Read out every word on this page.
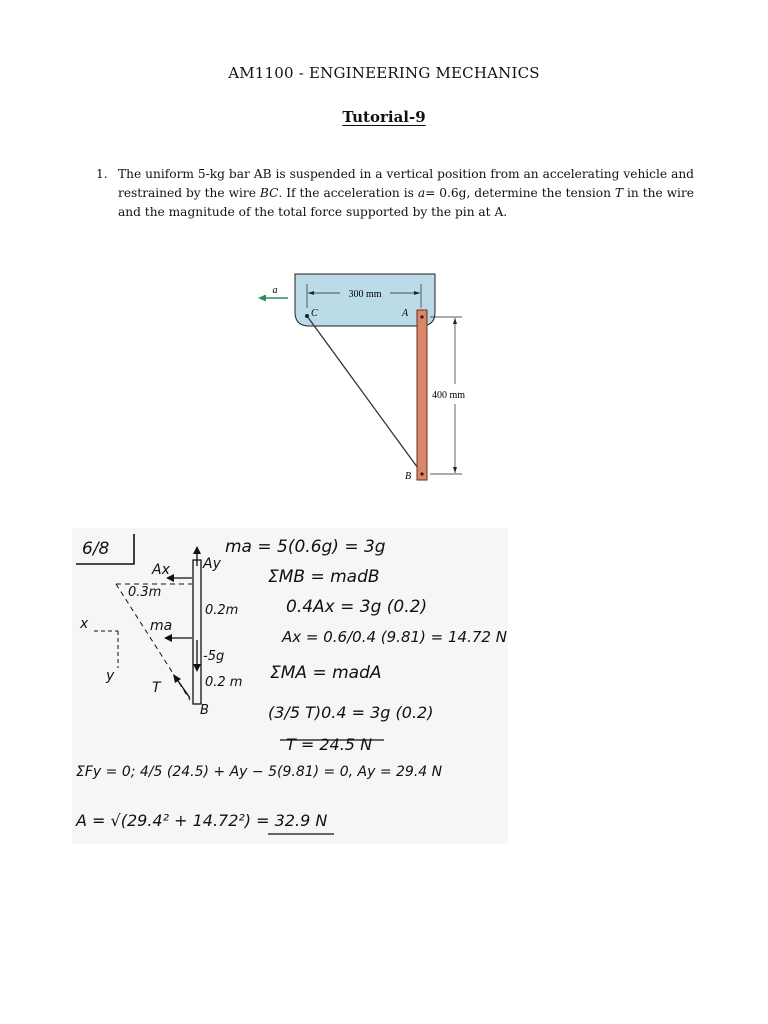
AM1100 - ENGINEERING MECHANICS
Tutorial-9
1. The uniform 5-kg bar AB is suspended in a vertical position from an accelerating vehicle and restrained by the wire BC. If the acceleration is a= 0.6g, determine the tension T in the wire and the magnitude of the total force supported by the pin at A.
a	300 mm
C	A
B
400 mm
6/8
Ay
Ax
0.3m
0.2m
ma
-5g
0.2 m
T
B
x
y
ma = 5(0.6g) = 3g
ΣMB = madB
0.4Ax = 3g (0.2)
Ax = 0.6/0.4 (9.81) = 14.72 N
ΣMA = madA
(3/5 T)0.4 = 3g (0.2)
T = 24.5 N
ΣFy = 0; 4/5 (24.5) + Ay − 5(9.81) = 0, Ay = 29.4 N
A = √(29.4² + 14.72²) = 32.9 N
